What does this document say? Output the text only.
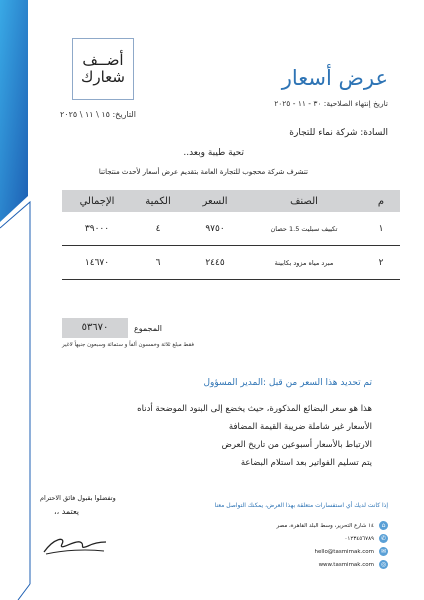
أضــف
شعارك	عرض أسعار
تاريخ إنتهاء الصلاحية: ٣٠ - ١١ - ٢٠٢٥
التاريخ: ١٥ \ ١١ \ ٢٠٢٥
السادة: شركة نماء للتجارة
تحية طيبة وبعد..
تتشرف شركة محجوب للتجارة العامة بتقديم عرض أسعار لأحدث منتجاتنا
م	الصنف	السعر	الكمية	الإجمالي
١	تكييف سبليت 1.5 حصان	٩٧٥٠	٤	٣٩٠٠٠
٢	مبرد مياه مزود بكابينة	٢٤٤٥	٦	١٤٦٧٠
المجموع
٥٣٦٧٠
فقط مبلغ ثلاثة وخمسون ألفاً و ستمائة وسبعون جنيهاً لاغير
تم تحديد هذا السعر من قبل :المدير المسؤول
هذا هو سعر البضائع المذكورة، حيث يخضع إلى البنود الموضحة أدناه
الأسعار غير شاملة ضريبة القيمة المضافة
الارتباط بالأسعار أسبوعين من تاريخ العرض
يتم تسليم الفواتير بعد استلام البضاعة
إذا كانت لديك أي استفسارات متعلقة بهذا العرض، يمكنك التواصل معنا
وتفضلوا بقبول فائق الاحترام
يعتمد ،،
⌂
١٤ شارع التحرير، وسط البلد القاهرة، مصر
✆
٠١٢٣٤٥٦٧٨٩
✉
hello@tasmimak.com
◎
www.tasmimak.com
